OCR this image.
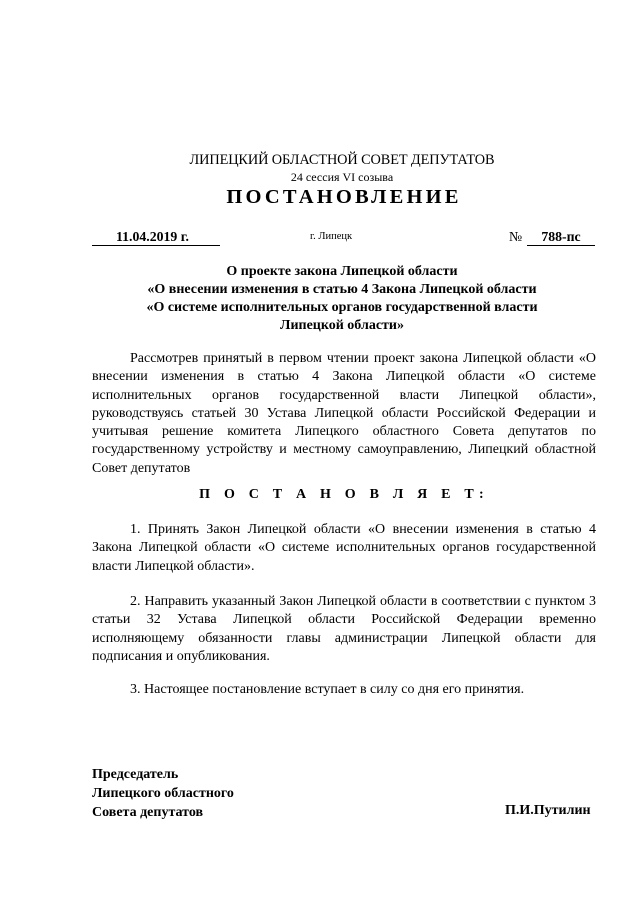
ЛИПЕЦКИЙ ОБЛАСТНОЙ СОВЕТ ДЕПУТАТОВ
24 сессия VI созыва
ПОСТАНОВЛЕНИЕ
11.04.2019 г.	г. Липецк	№	788-пс
О проекте закона Липецкой области
«О внесении изменения в статью 4 Закона Липецкой области
«О системе исполнительных органов государственной власти
Липецкой области»
Рассмотрев принятый в первом чтении проект закона Липецкой области «О внесении изменения в статью 4 Закона Липецкой области «О системе исполнительных органов государственной власти Липецкой области», руководствуясь статьей 30 Устава Липецкой области Российской Федерации и учитывая решение комитета Липецкого областного Совета депутатов по государственному устройству и местному самоуправлению, Липецкий областной Совет депутатов
П О С Т А Н О В Л Я Е Т:
1. Принять Закон Липецкой области «О внесении изменения в статью 4 Закона Липецкой области «О системе исполнительных органов государственной власти Липецкой области».
2. Направить указанный Закон Липецкой области в соответствии с пунктом 3 статьи 32 Устава Липецкой области Российской Федерации временно исполняющему обязанности главы администрации Липецкой области для подписания и опубликования.
3. Настоящее постановление вступает в силу со дня его принятия.
Председатель
Липецкого областного
Совета депутатов	П.И.Путилин
